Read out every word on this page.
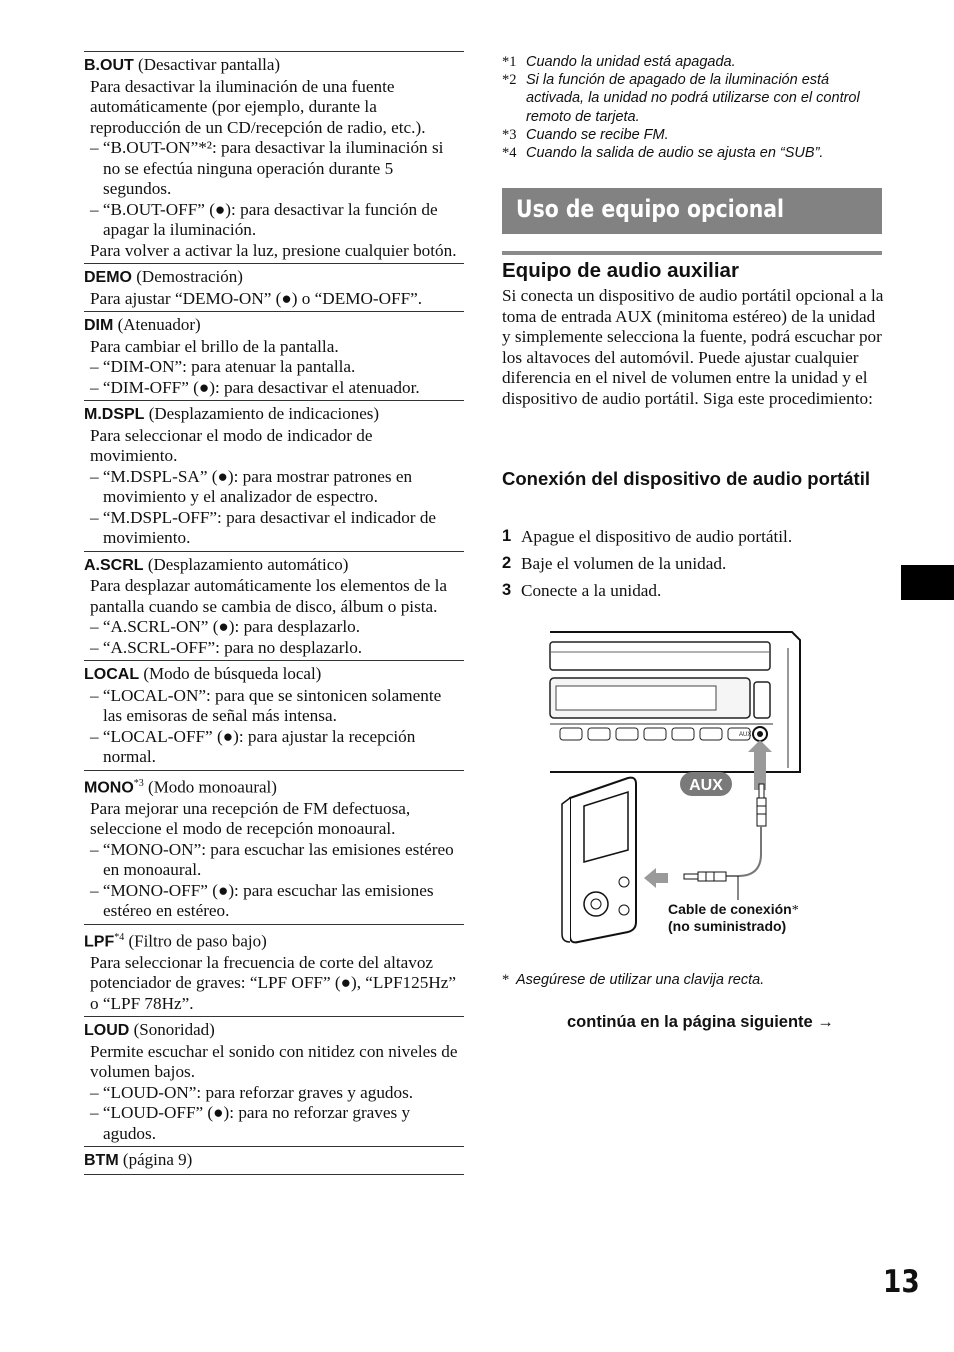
B.OUT (Desactivar pantalla)
Para desactivar la iluminación de una fuente automáticamente (por ejemplo, durante la reproducción de un CD/recepción de radio, etc.).
– “B.OUT-ON”*²: para desactivar la iluminación si no se efectúa ninguna operación durante 5 segundos.
– “B.OUT-OFF” (●): para desactivar la función de apagar la iluminación.
Para volver a activar la luz, presione cualquier botón.
DEMO (Demostración)
Para ajustar “DEMO-ON” (●) o “DEMO-OFF”.
DIM (Atenuador)
Para cambiar el brillo de la pantalla.
– “DIM-ON”: para atenuar la pantalla.
– “DIM-OFF” (●): para desactivar el atenuador.
M.DSPL (Desplazamiento de indicaciones)
Para seleccionar el modo de indicador de movimiento.
– “M.DSPL-SA” (●): para mostrar patrones en movimiento y el analizador de espectro.
– “M.DSPL-OFF”: para desactivar el indicador de movimiento.
A.SCRL (Desplazamiento automático)
Para desplazar automáticamente los elementos de la pantalla cuando se cambia de disco, álbum o pista.
– “A.SCRL-ON” (●): para desplazarlo.
– “A.SCRL-OFF”: para no desplazarlo.
LOCAL (Modo de búsqueda local)
– “LOCAL-ON”: para que se sintonicen solamente las emisoras de señal más intensa.
– “LOCAL-OFF” (●): para ajustar la recepción normal.
MONO$^{*3}$ (Modo monoaural)
Para mejorar una recepción de FM defectuosa, seleccione el modo de recepción monoaural.
– “MONO-ON”: para escuchar las emisiones estéreo en monoaural.
– “MONO-OFF” (●): para escuchar las emisiones estéreo en estéreo.
LPF$^{*4}$ (Filtro de paso bajo)
Para seleccionar la frecuencia de corte del altavoz potenciador de graves: “LPF OFF” (●), “LPF125Hz” o “LPF 78Hz”.
LOUD (Sonoridad)
Permite escuchar el sonido con nitidez con niveles de volumen bajos.
– “LOUD-ON”: para reforzar graves y agudos.
– “LOUD-OFF” (●): para no reforzar graves y agudos.
BTM (página 9)
*1 Cuando la unidad está apagada.
*2 Si la función de apagado de la iluminación está activada, la unidad no podrá utilizarse con el control remoto de tarjeta.
*3 Cuando se recibe FM.
*4 Cuando la salida de audio se ajusta en “SUB”.
Uso de equipo opcional
Equipo de audio auxiliar
Si conecta un dispositivo de audio portátil opcional a la toma de entrada AUX (minitoma estéreo) de la unidad y simplemente selecciona la fuente, podrá escuchar por los altavoces del automóvil. Puede ajustar cualquier diferencia en el nivel de volumen entre la unidad y el dispositivo de audio portátil. Siga este procedimiento:
Conexión del dispositivo de audio portátil
1 Apague el dispositivo de audio portátil.
2 Baje el volumen de la unidad.
3 Conecte a la unidad.
AUX
AUX
Cable de conexión*
(no suministrado)
* Asegúrese de utilizar una clavija recta.
continúa en la página siguiente →
13
